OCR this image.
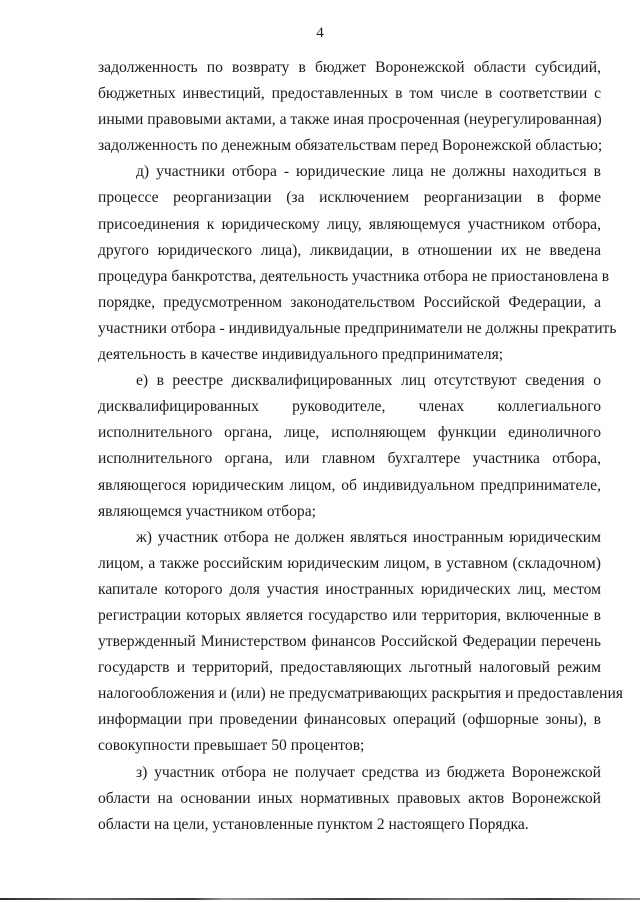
4
задолженность по возврату в бюджет Воронежской области субсидий,
бюджетных инвестиций, предоставленных в том числе в соответствии с
иными правовыми актами, а также иная просроченная (неурегулированная)
задолженность по денежным обязательствам перед Воронежской областью;
д) участники отбора - юридические лица не должны находиться в
процессе реорганизации (за исключением реорганизации в форме
присоединения к юридическому лицу, являющемуся участником отбора,
другого юридического лица), ликвидации, в отношении их не введена
процедура банкротства, деятельность участника отбора не приостановлена в
порядке, предусмотренном законодательством Российской Федерации, а
участники отбора - индивидуальные предприниматели не должны прекратить
деятельность в качестве индивидуального предпринимателя;
е) в реестре дисквалифицированных лиц отсутствуют сведения о
дисквалифицированных руководителе, членах коллегиального
исполнительного органа, лице, исполняющем функции единоличного
исполнительного органа, или главном бухгалтере участника отбора,
являющегося юридическим лицом, об индивидуальном предпринимателе,
являющемся участником отбора;
ж) участник отбора не должен являться иностранным юридическим
лицом, а также российским юридическим лицом, в уставном (складочном)
капитале которого доля участия иностранных юридических лиц, местом
регистрации которых является государство или территория, включенные в
утвержденный Министерством финансов Российской Федерации перечень
государств и территорий, предоставляющих льготный налоговый режим
налогообложения и (или) не предусматривающих раскрытия и предоставления
информации при проведении финансовых операций (офшорные зоны), в
совокупности превышает 50 процентов;
з) участник отбора не получает средства из бюджета Воронежской
области на основании иных нормативных правовых актов Воронежской
области на цели, установленные пунктом 2 настоящего Порядка.
